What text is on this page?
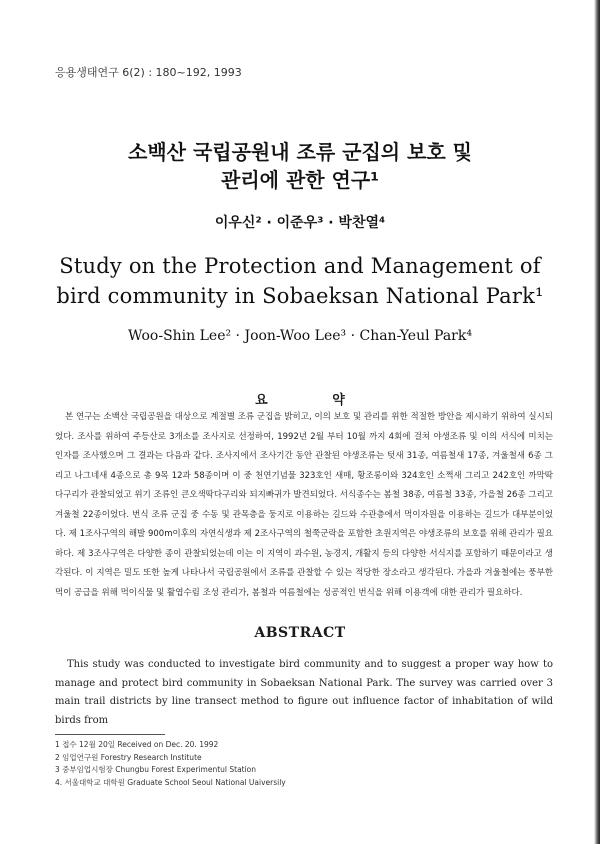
응용생태연구 6(2) : 180~192, 1993
소백산 국립공원내 조류 군집의 보호 및
관리에 관한 연구¹
이우신² · 이준우³ · 박찬열⁴
Study on the Protection and Management of
bird community in Sobaeksan National Park¹
Woo-Shin Lee² · Joon-Woo Lee³ · Chan-Yeul Park⁴
요 약

본 연구는 소백산 국립공원을 대상으로 계절별 조류 군집을 밝히고, 이의 보호 및 관리를 위한 적절한 방안을 제시하기 위하여 실시되었다. 조사를 위하여 주등산로 3개소를 조사지로 선정하여, 1992년 2월 부터 10월 까지 4회에 걸쳐 야생조류 및 이의 서식에 미치는 인자를 조사했으며 그 결과는 다음과 같다. 조사지에서 조사기간 동안 관찰된 야생조류는 텃새 31종, 여름철새 17종, 겨울철새 6종 그리고 나그네새 4종으로 총 9목 12과 58종이며 이 중 천연기념물 323호인 새매, 황조롱이와 324호인 소쩍새 그리고 242호인 까막딱다구리가 관찰되었고 위기 조류인 큰오색딱다구리와 되지빠귀가 발견되었다. 서식종수는 봄철 38종, 여름철 33종, 가을철 26종 그리고 겨울철 22종이었다. 번식 조류 군집 중 수동 및 관목층을 둥지로 이용하는 길드와 수관층에서 먹이자원을 이용하는 길드가 대부분이었다. 제 1조사구역의 해발 900m이후의 자연식생과 제 2조사구역의 철쭉군락을 포함한 초원지역은 야생조류의 보호를 위해 관리가 필요하다. 제 3조사구역은 다양한 종이 관찰되었는데 이는 이 지역이 과수원, 농경지, 개활지 등의 다양한 서식지를 포함하기 때문이라고 생각된다. 이 지역은 밀도 또한 높게 나타나서 국립공원에서 조류를 관찰할 수 있는 적당한 장소라고 생각된다. 가을과 겨울철에는 풍부한 먹이 공급을 위해 먹이식물 및 활엽수림 조성 관리가, 봄철과 여름철에는 성공적인 번식을 위해 이용객에 대한 관리가 필요하다.

ABSTRACT

This study was conducted to investigate bird community and to suggest a proper way how to manage and protect bird community in Sobaeksan National Park. The survey was carried over 3 main trail districts by line transect method to figure out influence factor of inhabitation of wild birds from

1 접수 12월 20일 Received on Dec. 20. 1992
2 임업연구원 Forestry Research Institute
3 중부임업시험장 Chungbu Forest Experimentul Station
4. 서울대학교 대학원 Graduate School Seoul National Uaiversily
